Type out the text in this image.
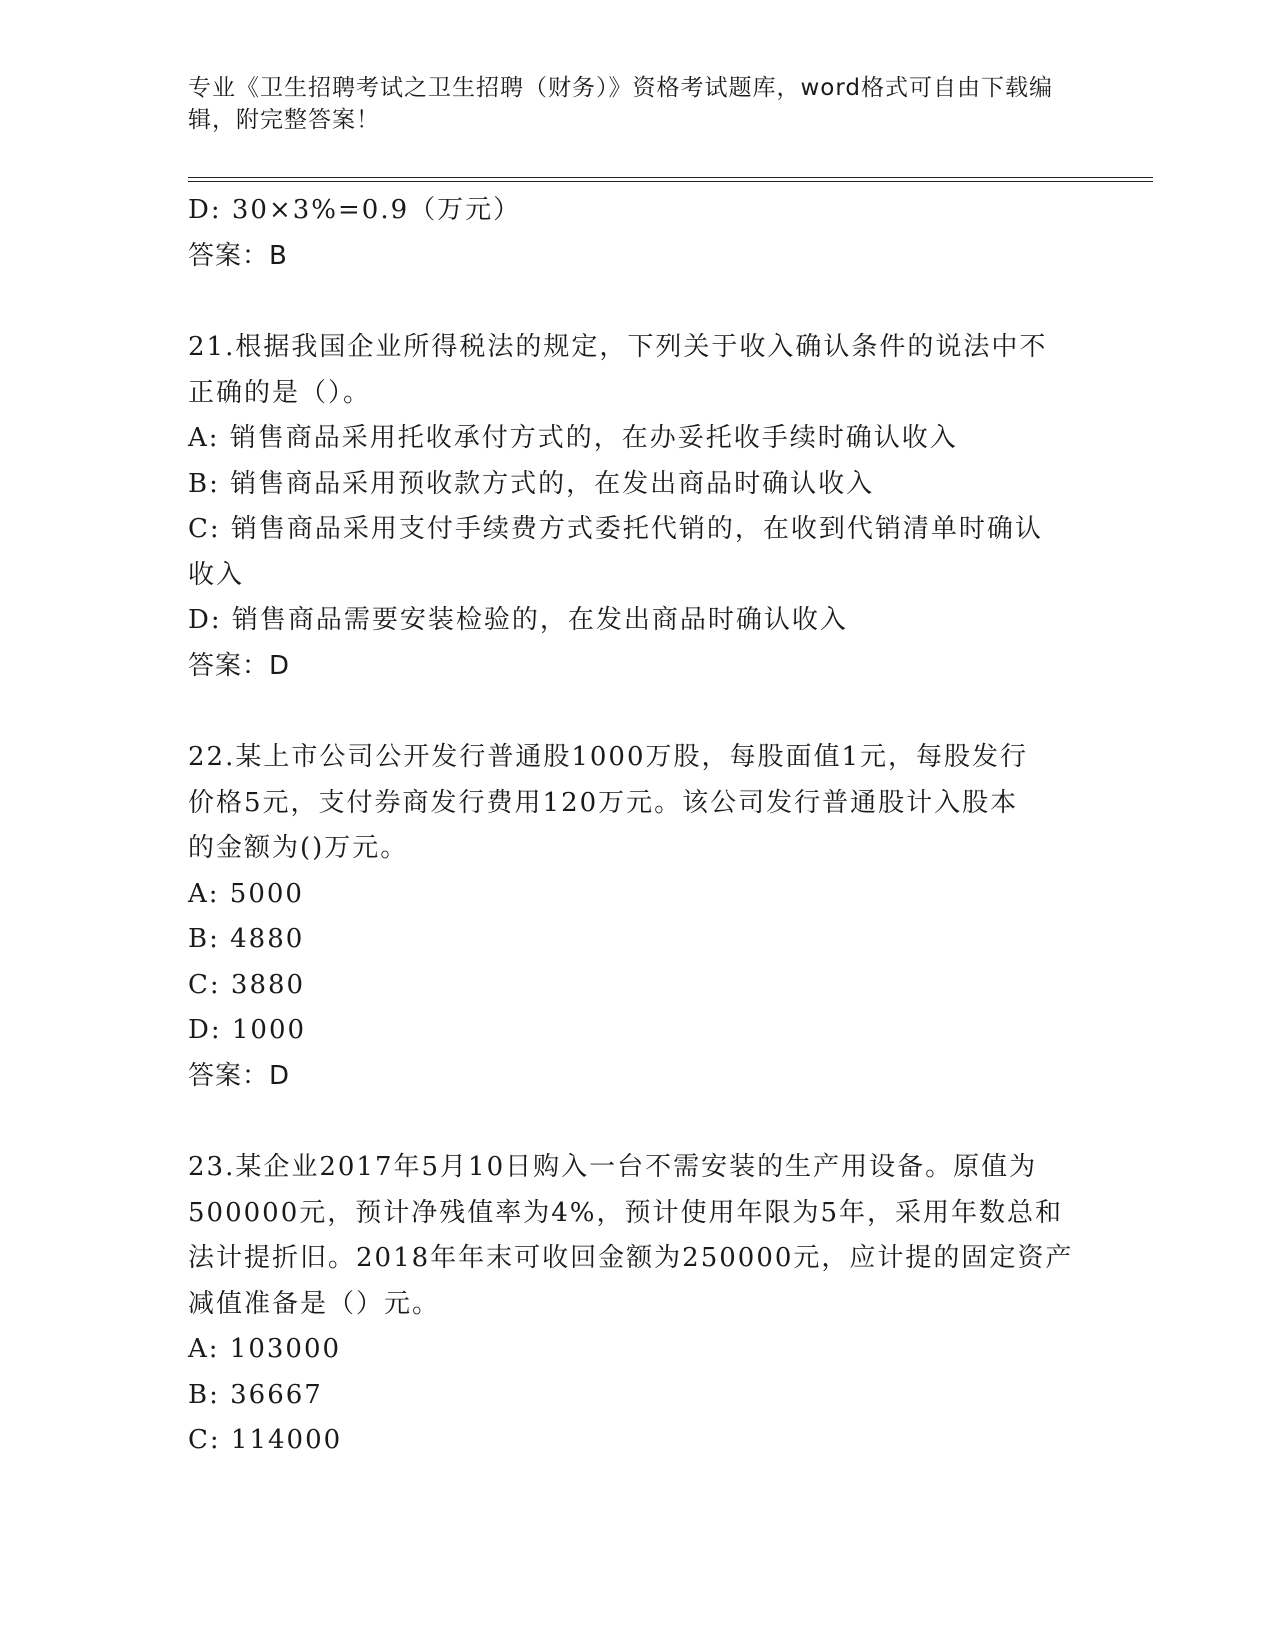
专业《卫生招聘考试之卫生招聘（财务）》资格考试题库，word格式可自由下载编辑，附完整答案！
D: 30×3%=0.9（万元）
答案：B
21.根据我国企业所得税法的规定，下列关于收入确认条件的说法中不
正确的是（）。
A: 销售商品采用托收承付方式的，在办妥托收手续时确认收入
B: 销售商品采用预收款方式的，在发出商品时确认收入
C: 销售商品采用支付手续费方式委托代销的，在收到代销清单时确认
收入
D: 销售商品需要安装检验的，在发出商品时确认收入
答案：D
22.某上市公司公开发行普通股1000万股，每股面值1元，每股发行
价格5元，支付券商发行费用120万元。该公司发行普通股计入股本
的金额为()万元。
A: 5000
B: 4880
C: 3880
D: 1000
答案：D
23.某企业2017年5月10日购入一台不需安装的生产用设备。原值为
500000元，预计净残值率为4%，预计使用年限为5年，采用年数总和
法计提折旧。2018年年末可收回金额为250000元，应计提的固定资产
减值准备是（）元。
A: 103000
B: 36667
C: 114000
